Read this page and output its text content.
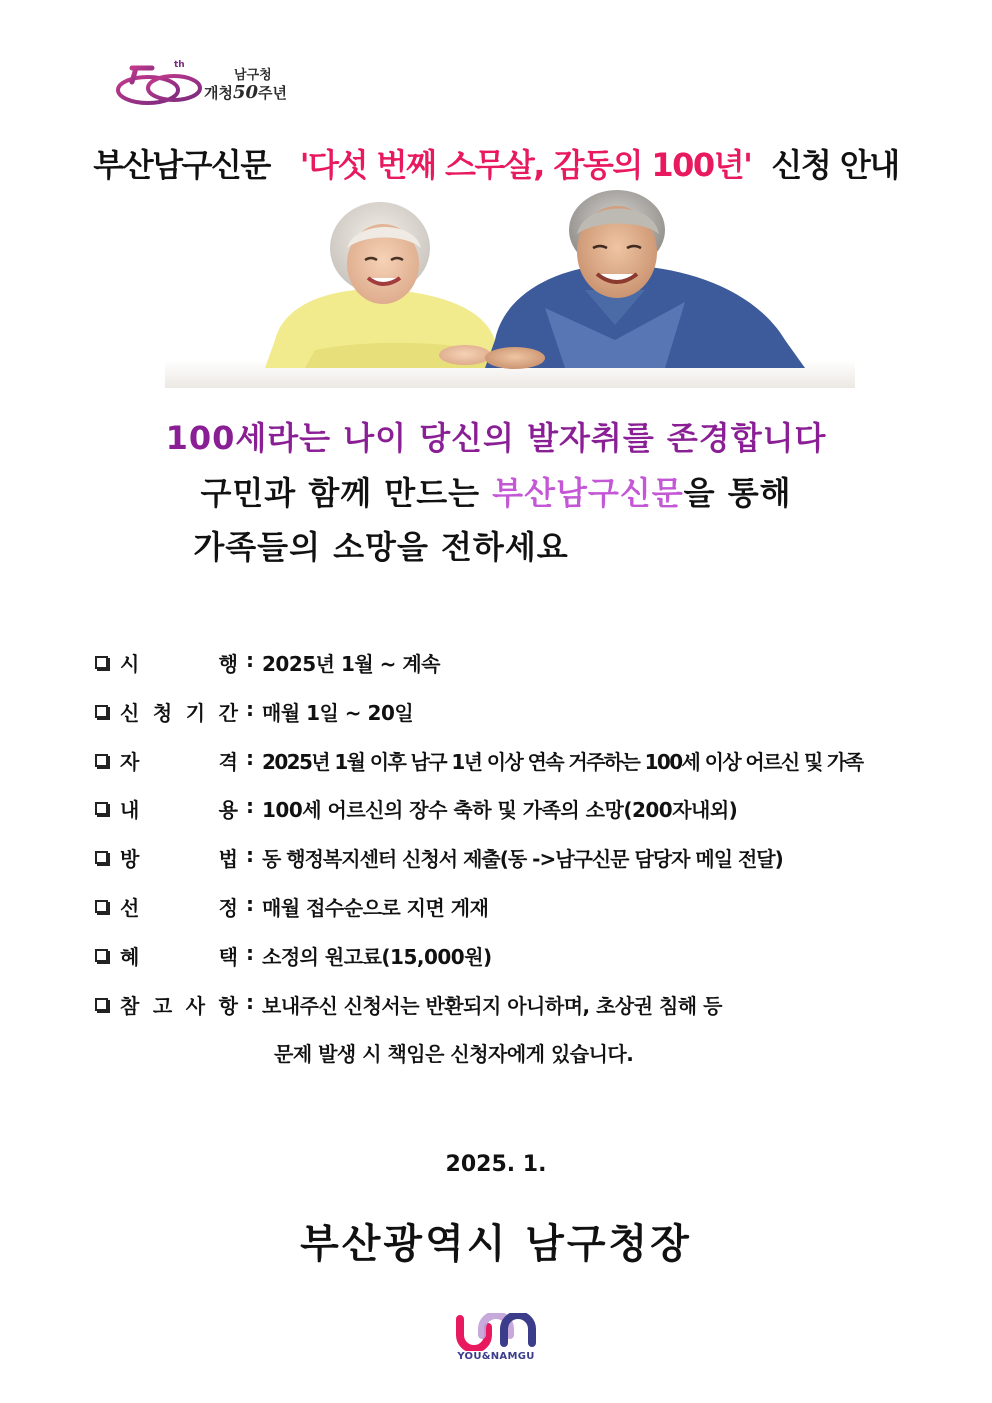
th
남구청
개청50주년
부산남구신문 '다섯 번째 스무살, 감동의 100년' 신청 안내
100세라는 나이 당신의 발자취를 존경합니다
구민과 함께 만드는 부산남구신문을 통해
가족들의 소망을 전하세요
시	행 : 2025년 1월 ~ 계속
신 청 기 간 : 매월 1일 ~ 20일
자	격 : 2025년 1월 이후 남구 1년 이상 연속 거주하는 100세 이상 어르신 및 가족
내	용 : 100세 어르신의 장수 축하 및 가족의 소망(200자내외)
방	법 : 동 행정복지센터 신청서 제출(동 ->남구신문 담당자 메일 전달)
선	정 : 매월 접수순으로 지면 게재
혜	택 : 소정의 원고료(15,000원)
참 고 사 항 : 보내주신 신청서는 반환되지 아니하며, 초상권 침해 등
문제 발생 시 책임은 신청자에게 있습니다.
2025. 1.
부산광역시 남구청장
YOU&NAMGU
